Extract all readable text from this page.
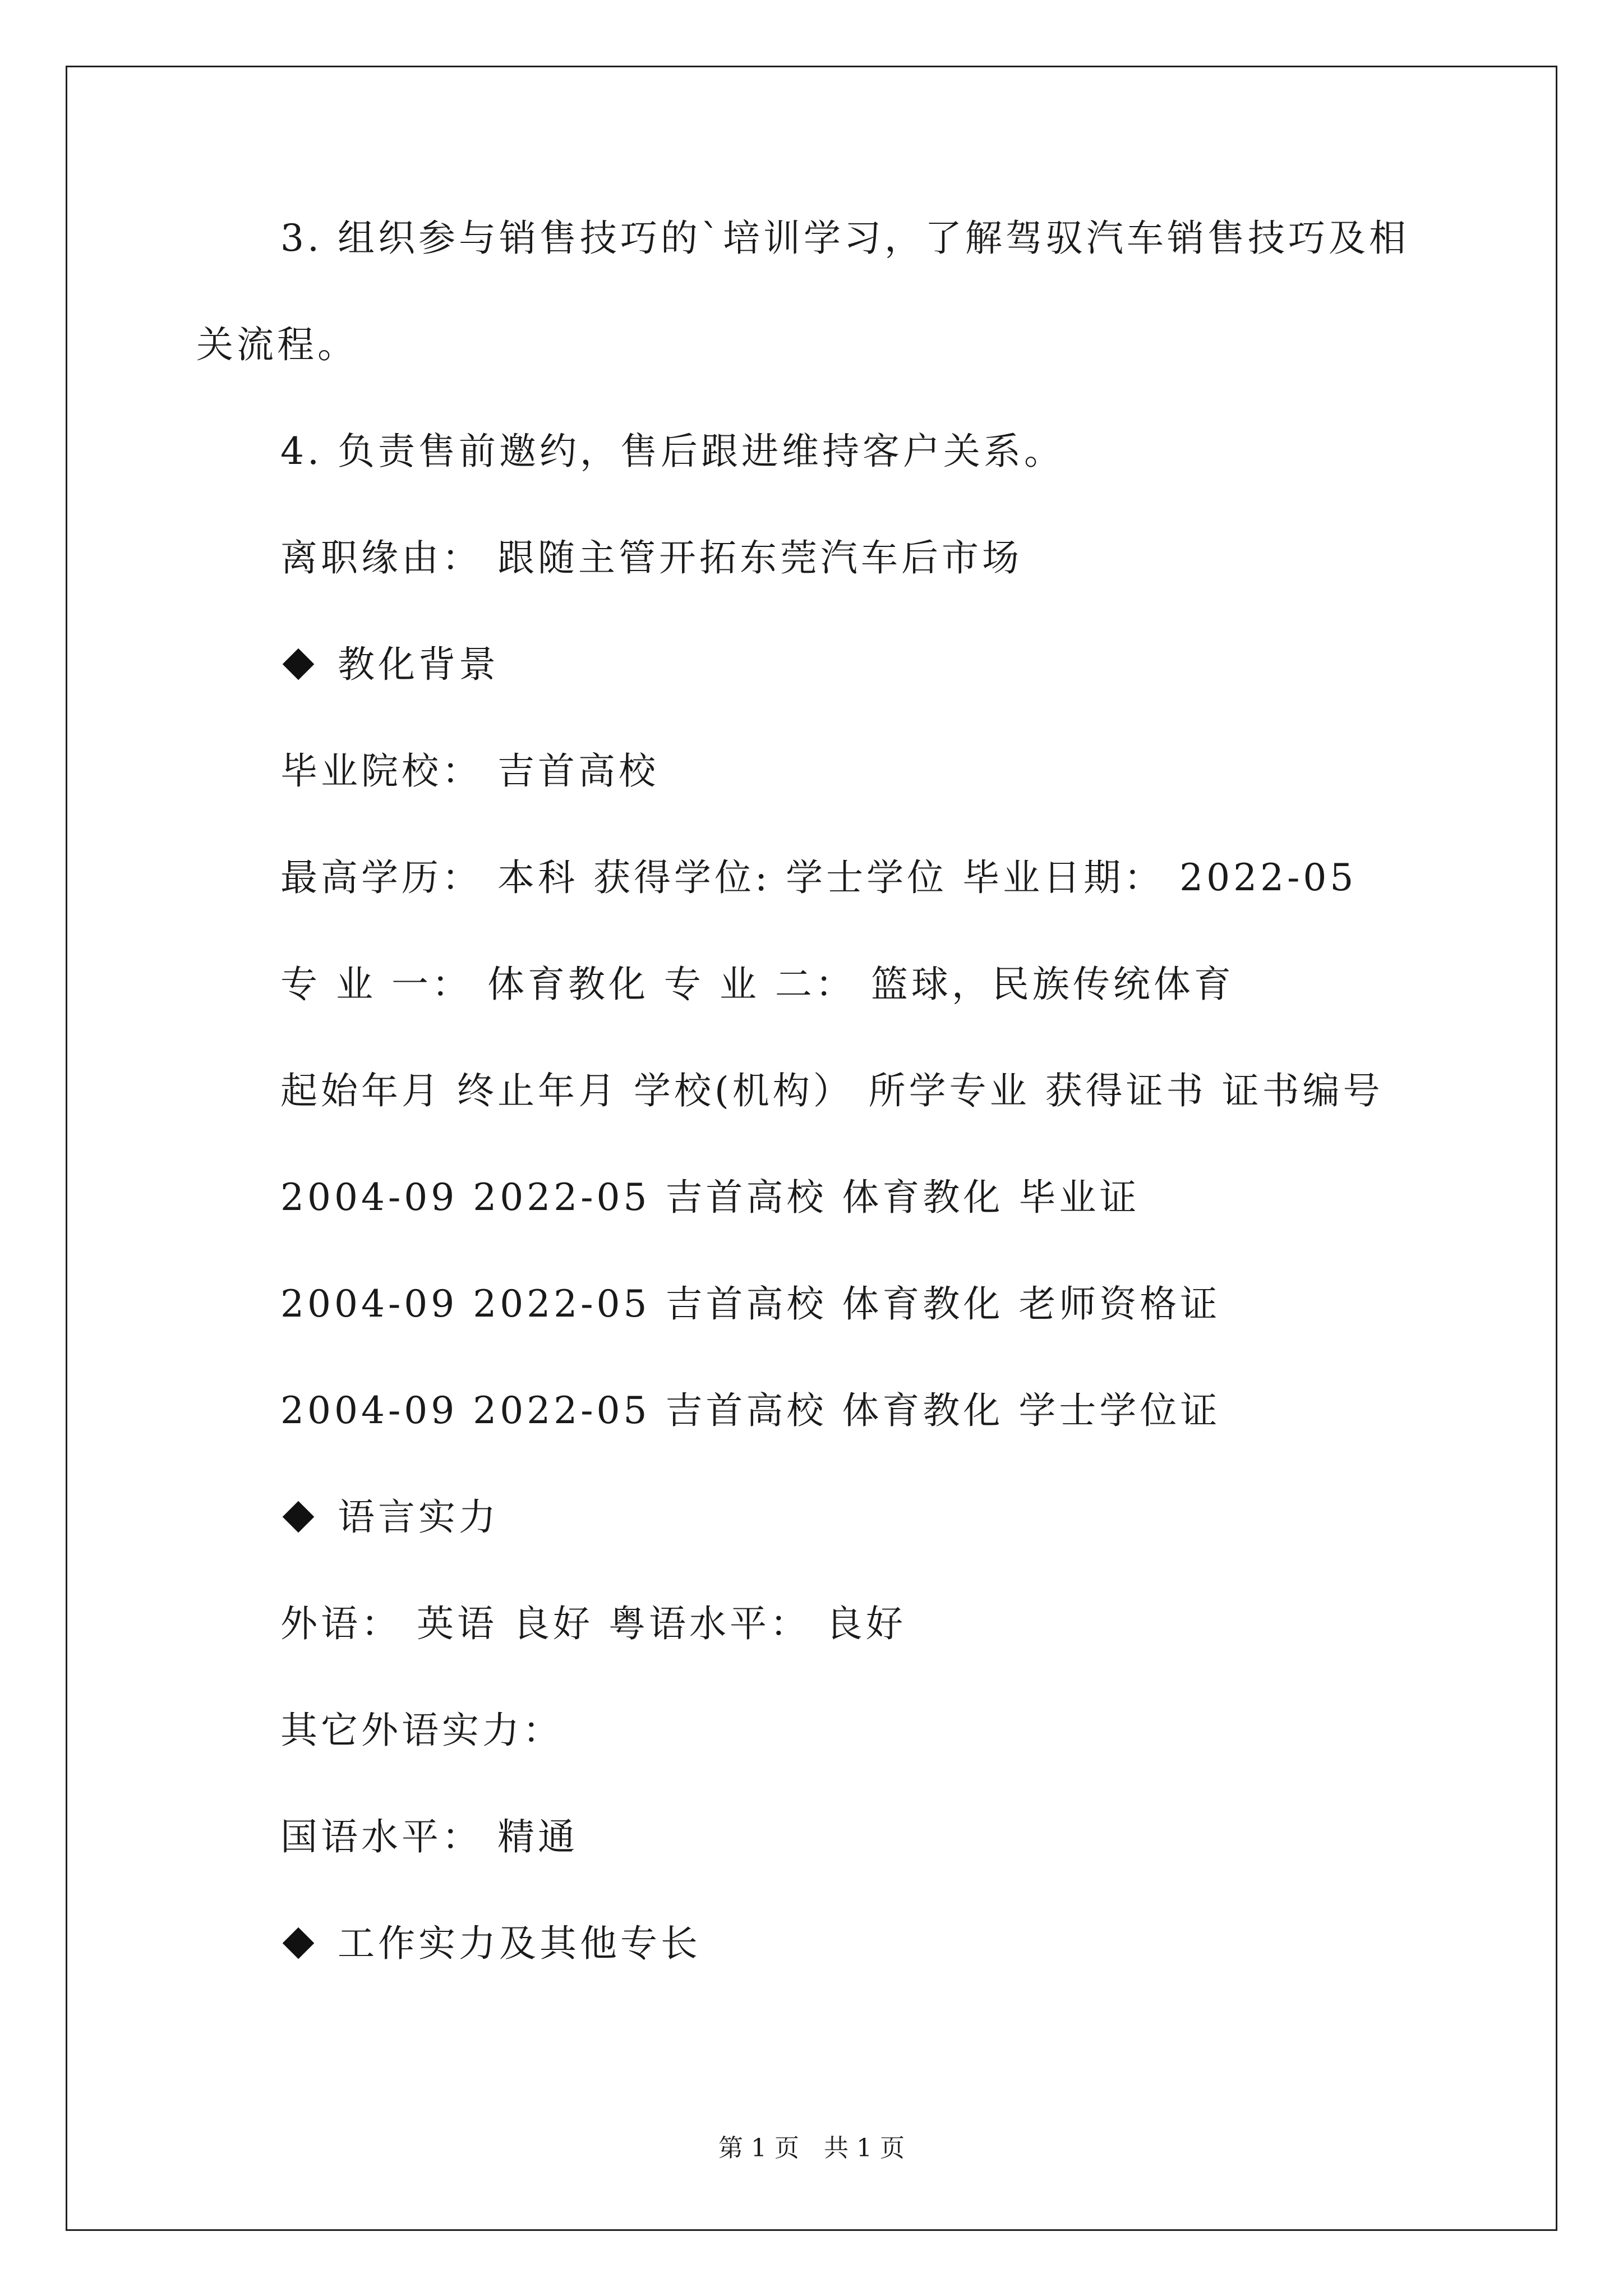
3. 组织参与销售技巧的`培训学习，了解驾驭汽车销售技巧及相
关流程。
4. 负责售前邀约，售后跟进维持客户关系。
离职缘由： 跟随主管开拓东莞汽车后市场
教化背景
毕业院校： 吉首高校
最高学历： 本科 获得学位: 学士学位 毕业日期： 2022-05
专 业 一： 体育教化 专 业 二： 篮球，民族传统体育
起始年月 终止年月 学校(机构） 所学专业 获得证书 证书编号
2004-09 2022-05 吉首高校 体育教化 毕业证
2004-09 2022-05 吉首高校 体育教化 老师资格证
2004-09 2022-05 吉首高校 体育教化 学士学位证
语言实力
外语： 英语 良好 粤语水平： 良好
其它外语实力：
国语水平： 精通
工作实力及其他专长
第 1 页　共 1 页
